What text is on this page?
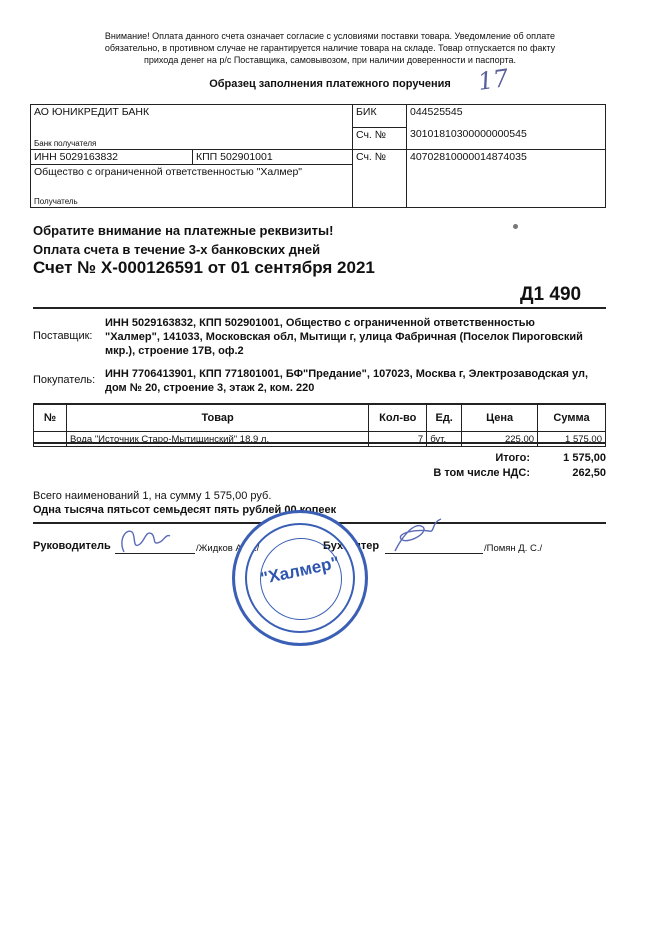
Внимание! Оплата данного счета означает согласие с условиями поставки товара. Уведомление об оплате
обязательно, в противном случае не гарантируется наличие товара на складе. Товар отпускается по факту
прихода денег на р/с Поставщика, самовывозом, при наличии доверенности и паспорта.
Образец заполнения платежного поручения	17
АО ЮНИКРЕДИТ БАНК
Банк получателя		БИК	044525545
		Сч. №	30101810300000000545
ИНН 5029163832	КПП 502901001	Сч. №	40702810000014874035

Общество с ограниченной ответственностью "Халмер"
Получатель			
Обратите внимание на платежные реквизиты!
Оплата счета в течение 3-х банковских дней
Счет № Х-000126591 от 01 сентября 2021
Д1 490
Поставщик:
ИНН 5029163832, КПП 502901001, Общество с ограниченной ответственностью
"Халмер", 141033, Московская обл, Мытищи г, улица Фабричная (Поселок Пироговский
мкр.), строение 17В, оф.2
Покупатель: ИНН 7706413901, КПП 771801001, БФ"Предание", 107023, Москва г, Электрозаводская ул,
дом № 20, строение 3, этаж 2, ком. 220
№	Товар	Кол-во	Ед.	Цена	Сумма
	Вода "Источник Старо-Мытищинский" 18,9 л.	7	бут.	225,00	1 575,00
Итого:	1 575,00
В том числе НДС:	262,50
Всего наименований 1, на сумму 1 575,00 руб.
Одна тысяча пятьсот семьдесят пять рублей 00 копеек
Руководитель	/Жидков А. С./	Бухгалтер	/Помян Д. С./
"Халмер"
